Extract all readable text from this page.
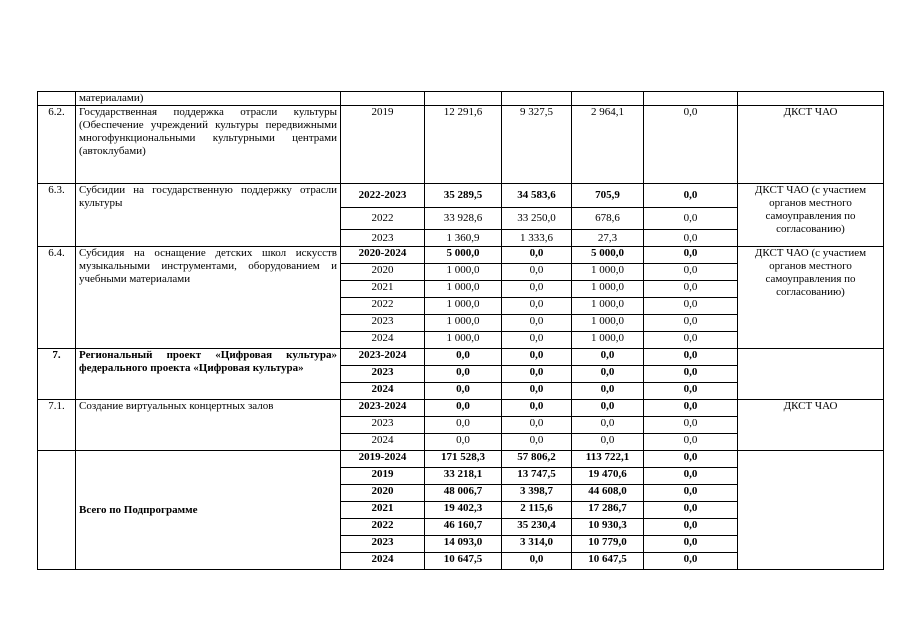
	материалами)						
6.2.	Государственная поддержка отрасли культуры (Обеспечение учреждений культуры передвижными многофункциональными культурными центрами (автоклубами)	2019	12 291,6	9 327,5	2 964,1	0,0	ДКСТ ЧАО
6.3.	Субсидии на государственную поддержку отрасли культуры	2022-2023	35 289,5	34 583,6	705,9	0,0	ДКСТ ЧАО (с участием органов местного самоуправления по согласованию)
		2022	33 928,6	33 250,0	678,6	0,0	
		2023	1 360,9	1 333,6	27,3	0,0	
6.4.	Субсидия на оснащение детских школ искусств музыкальными инструментами, оборудованием и учебными материалами	2020-2024	5 000,0	0,0	5 000,0	0,0	ДКСТ ЧАО (с участием органов местного самоуправления по согласованию)
		2020	1 000,0	0,0	1 000,0	0,0	
		2021	1 000,0	0,0	1 000,0	0,0	
		2022	1 000,0	0,0	1 000,0	0,0	
		2023	1 000,0	0,0	1 000,0	0,0	
		2024	1 000,0	0,0	1 000,0	0,0	
7.	Региональный проект «Цифровая культура» федерального проекта «Цифровая культура»	2023-2024	0,0	0,0	0,0	0,0	
		2023	0,0	0,0	0,0	0,0	
		2024	0,0	0,0	0,0	0,0	
7.1.	Создание виртуальных концертных залов	2023-2024	0,0	0,0	0,0	0,0	ДКСТ ЧАО
		2023	0,0	0,0	0,0	0,0	
		2024	0,0	0,0	0,0	0,0	
	Всего по Подпрограмме	2019-2024	171 528,3	57 806,2	113 722,1	0,0	
		2019	33 218,1	13 747,5	19 470,6	0,0	
		2020	48 006,7	3 398,7	44 608,0	0,0	
		2021	19 402,3	2 115,6	17 286,7	0,0	
		2022	46 160,7	35 230,4	10 930,3	0,0	
		2023	14 093,0	3 314,0	10 779,0	0,0	
		2024	10 647,5	0,0	10 647,5	0,0	
